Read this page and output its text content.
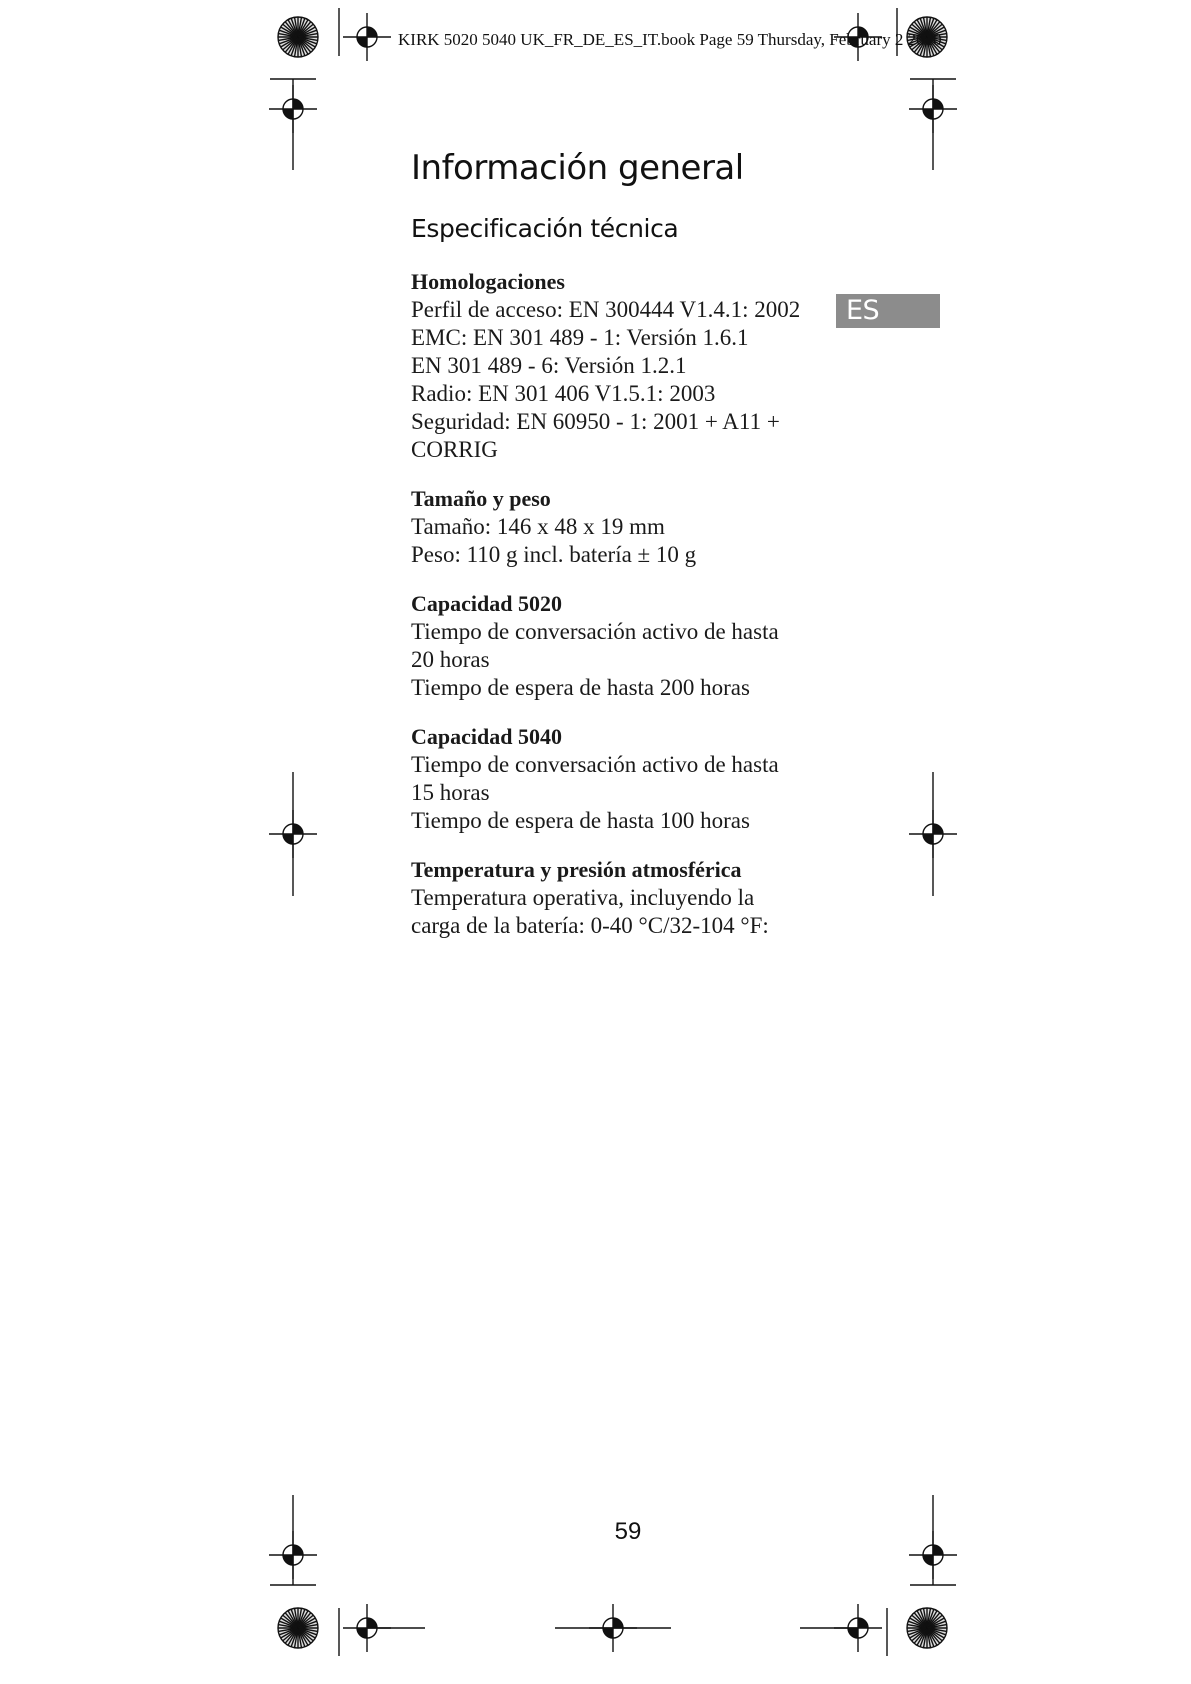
KIRK 5020 5040 UK_FR_DE_ES_IT.book Page 59 Thursday, February 2 2010
Información general
Especificación técnica
ES
Homologaciones

Perfil de acceso: EN 300444 V1.4.1: 2002

EMC: EN 301 489 - 1: Versión 1.6.1

EN 301 489 - 6: Versión 1.2.1

Radio: EN 301 406 V1.5.1: 2003

Seguridad: EN 60950 - 1: 2001 + A11 +

CORRIG

Tamaño y peso

Tamaño: 146 x 48 x 19 mm

Peso: 110 g incl. batería ± 10 g

Capacidad 5020

Tiempo de conversación activo de hasta

20 horas

Tiempo de espera de hasta 200 horas

Capacidad 5040

Tiempo de conversación activo de hasta

15 horas

Tiempo de espera de hasta 100 horas

Temperatura y presión atmosférica

Temperatura operativa, incluyendo la

carga de la batería: 0-40 °C/32-104 °F:

59
